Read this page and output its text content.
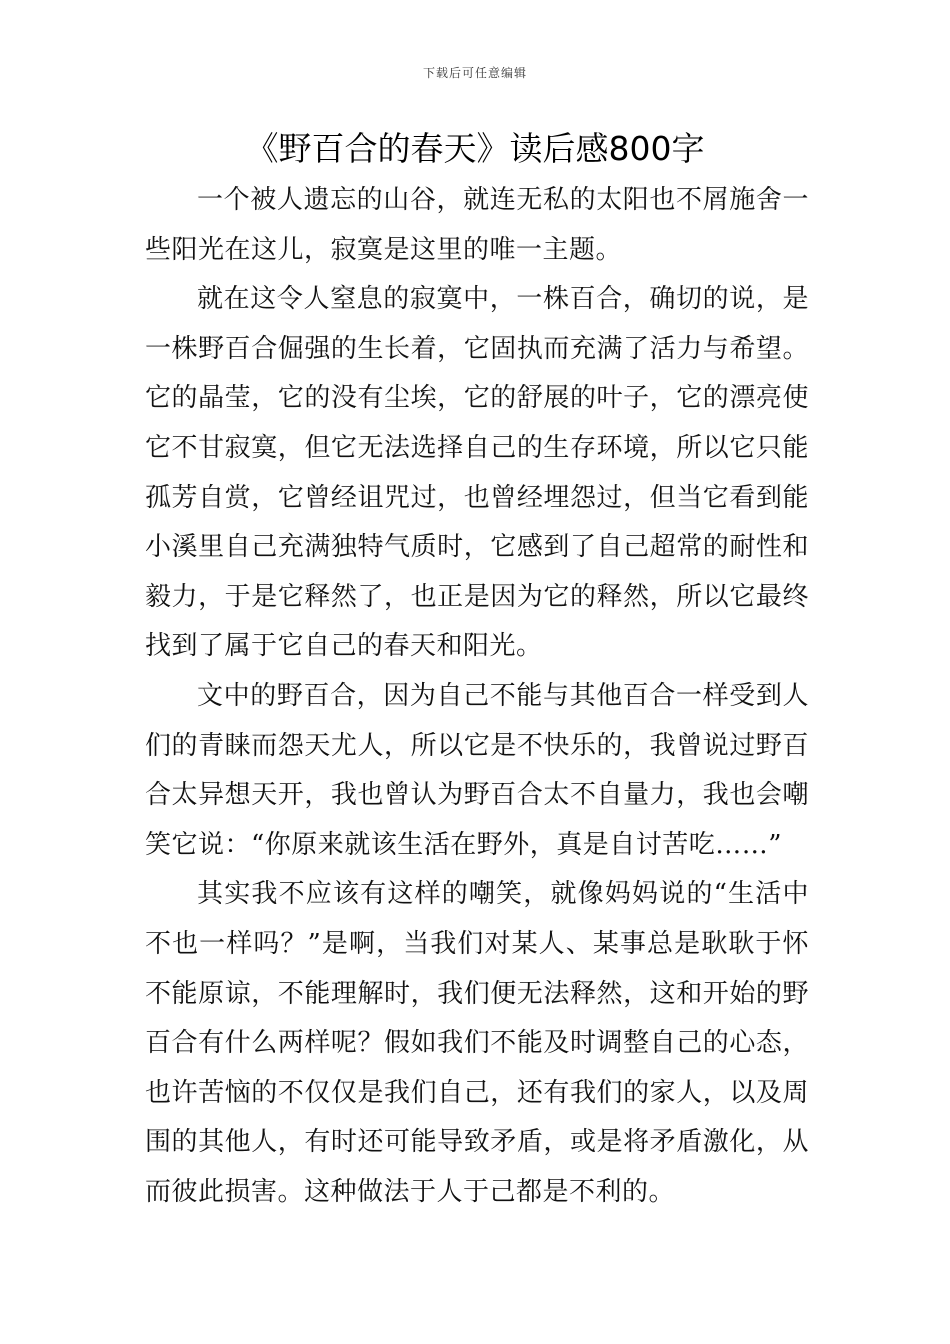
下载后可任意编辑
《野百合的春天》读后感800字

一个被人遗忘的山谷，就连无私的太阳也不屑施舍一些阳光在这儿，寂寞是这里的唯一主题。

就在这令人窒息的寂寞中，一株百合，确切的说，是一株野百合倔强的生长着，它固执而充满了活力与希望。它的晶莹，它的没有尘埃，它的舒展的叶子，它的漂亮使它不甘寂寞，但它无法选择自己的生存环境，所以它只能孤芳自赏，它曾经诅咒过，也曾经埋怨过，但当它看到能小溪里自己充满独特气质时，它感到了自己超常的耐性和毅力，于是它释然了，也正是因为它的释然，所以它最终找到了属于它自己的春天和阳光。

文中的野百合，因为自己不能与其他百合一样受到人们的青睐而怨天尤人，所以它是不快乐的，我曾说过野百合太异想天开，我也曾认为野百合太不自量力，我也会嘲笑它说：“你原来就该生活在野外，真是自讨苦吃……”

其实我不应该有这样的嘲笑，就像妈妈说的“生活中不也一样吗？”是啊，当我们对某人、某事总是耿耿于怀不能原谅，不能理解时，我们便无法释然，这和开始的野百合有什么两样呢？假如我们不能及时调整自己的心态，也许苦恼的不仅仅是我们自己，还有我们的家人，以及周围的其他人，有时还可能导致矛盾，或是将矛盾激化，从而彼此损害。这种做法于人于己都是不利的。
